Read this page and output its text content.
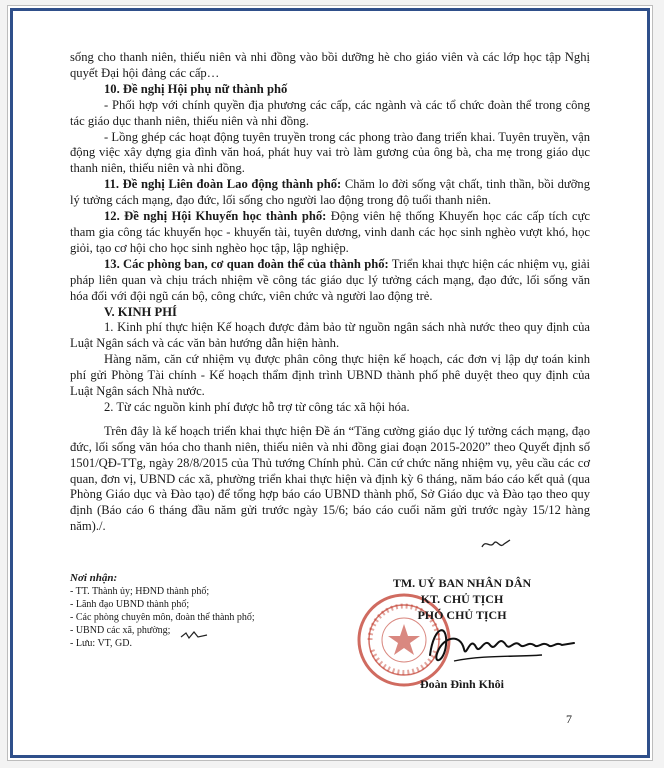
sống cho thanh niên, thiếu niên và nhi đồng vào bồi dưỡng hè cho giáo viên và các lớp học tập Nghị quyết Đại hội đảng các cấp…

10. Đề nghị Hội phụ nữ thành phố

- Phối hợp với chính quyền địa phương các cấp, các ngành và các tổ chức đoàn thể trong công tác giáo dục thanh niên, thiếu niên và nhi đồng.

- Lồng ghép các hoạt động tuyên truyền trong các phong trào đang triển khai. Tuyên truyền, vận động việc xây dựng gia đình văn hoá, phát huy vai trò làm gương của ông bà, cha mẹ trong giáo dục thanh niên, thiếu niên và nhi đồng.

11. Đề nghị Liên đoàn Lao động thành phố: Chăm lo đời sống vật chất, tinh thần, bồi dưỡng lý tưởng cách mạng, đạo đức, lối sống cho người lao động trong độ tuổi thanh niên.

12. Đề nghị Hội Khuyến học thành phố: Động viên hệ thống Khuyến học các cấp tích cực tham gia công tác khuyến học - khuyến tài, tuyên dương, vinh danh các học sinh nghèo vượt khó, học giỏi, tạo cơ hội cho học sinh nghèo học tập, lập nghiệp.

13. Các phòng ban, cơ quan đoàn thể của thành phố: Triển khai thực hiện các nhiệm vụ, giải pháp liên quan và chịu trách nhiệm về công tác giáo dục lý tưởng cách mạng, đạo đức, lối sống văn hóa đối với đội ngũ cán bộ, công chức, viên chức và người lao động trẻ.

V. KINH PHÍ

1. Kinh phí thực hiện Kế hoạch được đảm bảo từ nguồn ngân sách nhà nước theo quy định của Luật Ngân sách và các văn bản hướng dẫn hiện hành.

Hàng năm, căn cứ nhiệm vụ được phân công thực hiện kế hoạch, các đơn vị lập dự toán kinh phí gửi Phòng Tài chính - Kế hoạch thẩm định trình UBND thành phố phê duyệt theo quy định của Luật Ngân sách Nhà nước.

2. Từ các nguồn kinh phí được hỗ trợ từ công tác xã hội hóa.

Trên đây là kế hoạch triển khai thực hiện Đề án “Tăng cường giáo dục lý tưởng cách mạng, đạo đức, lối sống văn hóa cho thanh niên, thiếu niên và nhi đồng giai đoạn 2015-2020” theo Quyết định số 1501/QĐ-TTg, ngày 28/8/2015 của Thủ tướng Chính phủ. Căn cứ chức năng nhiệm vụ, yêu cầu các cơ quan, đơn vị, UBND các xã, phường triển khai thực hiện và định kỳ 6 tháng, năm báo cáo kết quả (qua Phòng Giáo dục và Đào tạo) để tổng hợp báo cáo UBND thành phố, Sở Giáo dục và Đào tạo theo quy định (Báo cáo 6 tháng đầu năm gửi trước ngày 15/6; báo cáo cuối năm gửi trước ngày 15/12 hàng năm)./.

Nơi nhận:
- TT. Thành ủy; HĐND thành phố;
- Lãnh đạo UBND thành phố;
- Các phòng chuyên môn, đoàn thể thành phố;
- UBND các xã, phường;
- Lưu: VT, GD.
TM. UỶ BAN NHÂN DÂN
KT. CHỦ TỊCH
PHÓ CHỦ TỊCH
Đoàn Đình Khôi
7
